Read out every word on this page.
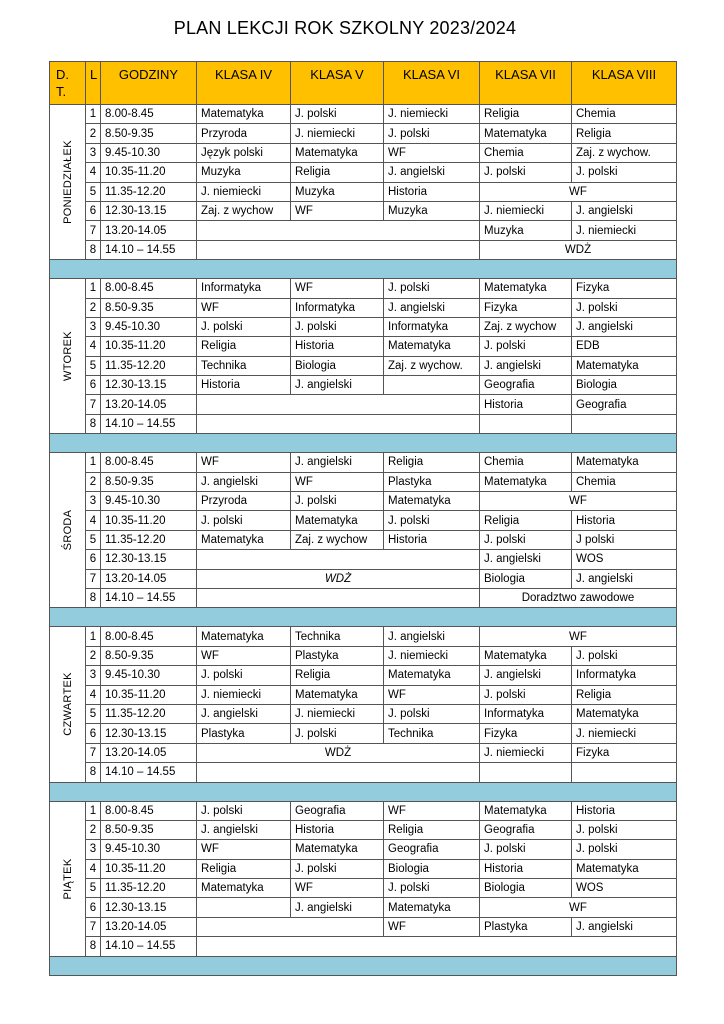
PLAN LEKCJI ROK SZKOLNY 2023/2024
D. T.	L	GODZINY	KLASA IV	KLASA V	KLASA VI	KLASA VII	KLASA VIII

PONIEDZIAŁEK	1	8.00-8.45	Matematyka	J. polski	J. niemiecki	Religia	Chemia
	2	8.50-9.35	Przyroda	J. niemiecki	J. polski	Matematyka	Religia
	3	9.45-10.30	Język polski	Matematyka	WF	Chemia	Zaj. z wychow.
	4	10.35-11.20	Muzyka	Religia	J. angielski	J. polski	J. polski
	5	11.35-12.20	J. niemiecki	Muzyka	Historia	WF	
	6	12.30-13.15	Zaj. z wychow	WF	Muzyka	J. niemiecki	J. angielski
	7	13.20-14.05				Muzyka	J. niemiecki
	8	14.10 – 14.55				WDŻ	

WTOREK	1	8.00-8.45	Informatyka	WF	J. polski	Matematyka	Fizyka
	2	8.50-9.35	WF	Informatyka	J. angielski	Fizyka	J. polski
	3	9.45-10.30	J. polski	J. polski	Informatyka	Zaj. z wychow	J. angielski
	4	10.35-11.20	Religia	Historia	Matematyka	J. polski	EDB
	5	11.35-12.20	Technika	Biologia	Zaj. z wychow.	J. angielski	Matematyka
	6	12.30-13.15	Historia	J. angielski		Geografia	Biologia
	7	13.20-14.05				Historia	Geografia
	8	14.10 – 14.55					

ŚRODA	1	8.00-8.45	WF	J. angielski	Religia	Chemia	Matematyka
	2	8.50-9.35	J. angielski	WF	Plastyka	Matematyka	Chemia
	3	9.45-10.30	Przyroda	J. polski	Matematyka	WF	
	4	10.35-11.20	J. polski	Matematyka	J. polski	Religia	Historia
	5	11.35-12.20	Matematyka	Zaj. z wychow	Historia	J. polski	J polski
	6	12.30-13.15				J. angielski	WOS
	7	13.20-14.05	WDŻ			Biologia	J. angielski
	8	14.10 – 14.55				Doradztwo zawodowe	

CZWARTEK	1	8.00-8.45	Matematyka	Technika	J. angielski	WF	
	2	8.50-9.35	WF	Plastyka	J. niemiecki	Matematyka	J. polski
	3	9.45-10.30	J. polski	Religia	Matematyka	J. angielski	Informatyka
	4	10.35-11.20	J. niemiecki	Matematyka	WF	J. polski	Religia
	5	11.35-12.20	J. angielski	J. niemiecki	J. polski	Informatyka	Matematyka
	6	12.30-13.15	Plastyka	J. polski	Technika	Fizyka	J. niemiecki
	7	13.20-14.05	WDŻ			J. niemiecki	Fizyka
	8	14.10 – 14.55					

PIĄTEK	1	8.00-8.45	J. polski	Geografia	WF	Matematyka	Historia
	2	8.50-9.35	J. angielski	Historia	Religia	Geografia	J. polski
	3	9.45-10.30	WF	Matematyka	Geografia	J. polski	J. polski
	4	10.35-11.20	Religia	J. polski	Biologia	Historia	Matematyka
	5	11.35-12.20	Matematyka	WF	J. polski	Biologia	WOS
	6	12.30-13.15		J. angielski	Matematyka	WF	
	7	13.20-14.05			WF	Plastyka	J. angielski
	8	14.10 – 14.55					
